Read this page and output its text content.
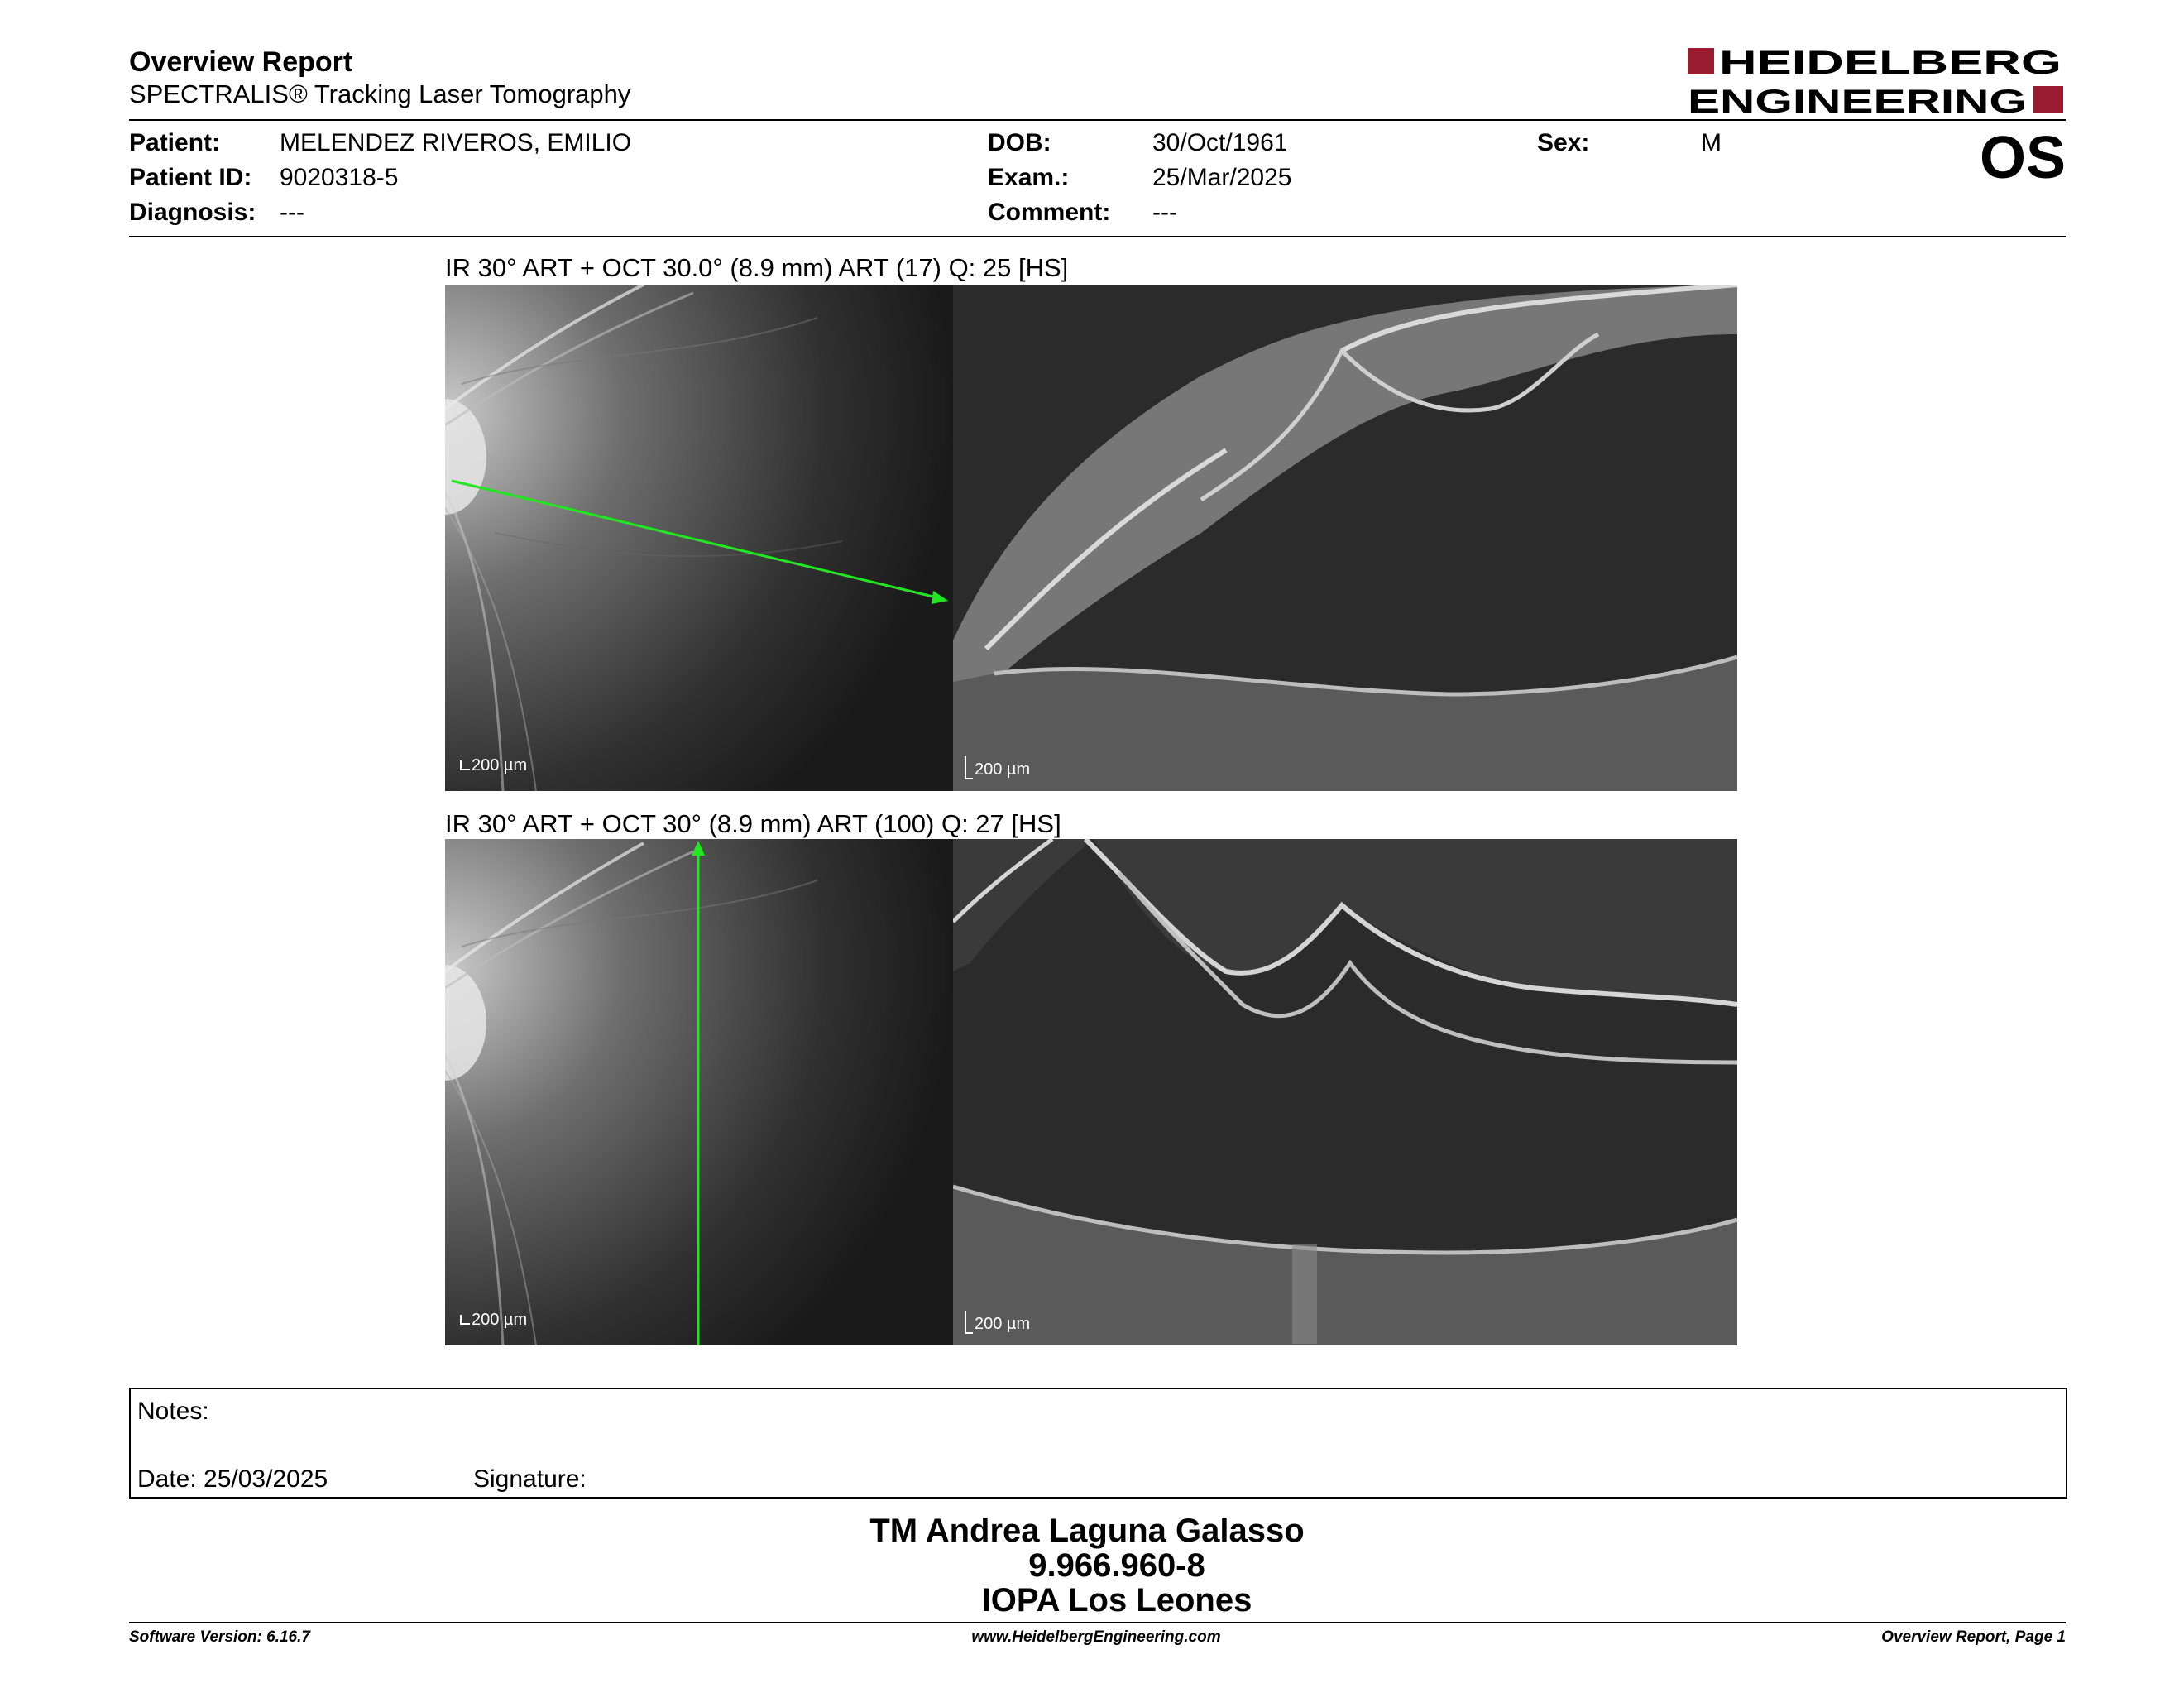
Overview Report
SPECTRALIS® Tracking Laser Tomography
HEIDELBERG
ENGINEERING
Patient: MELENDEZ RIVEROS, EMILIO
Patient ID: 9020318-5
Diagnosis: ---
DOB:	30/Oct/1961
Exam.:	25/Mar/2025
Comment: ---
Sex:	M	OS
IR 30° ART + OCT 30.0° (8.9 mm) ART (17) Q: 25 [HS]
200 µm	200 µm
IR 30° ART + OCT 30° (8.9 mm) ART (100) Q: 27 [HS]
200 µm	200 µm
Notes:
Date: 25/03/2025	Signature:
TM Andrea Laguna Galasso
9.966.960-8
IOPA Los Leones
Software Version: 6.16.7	www.HeidelbergEngineering.com	Overview Report, Page 1
